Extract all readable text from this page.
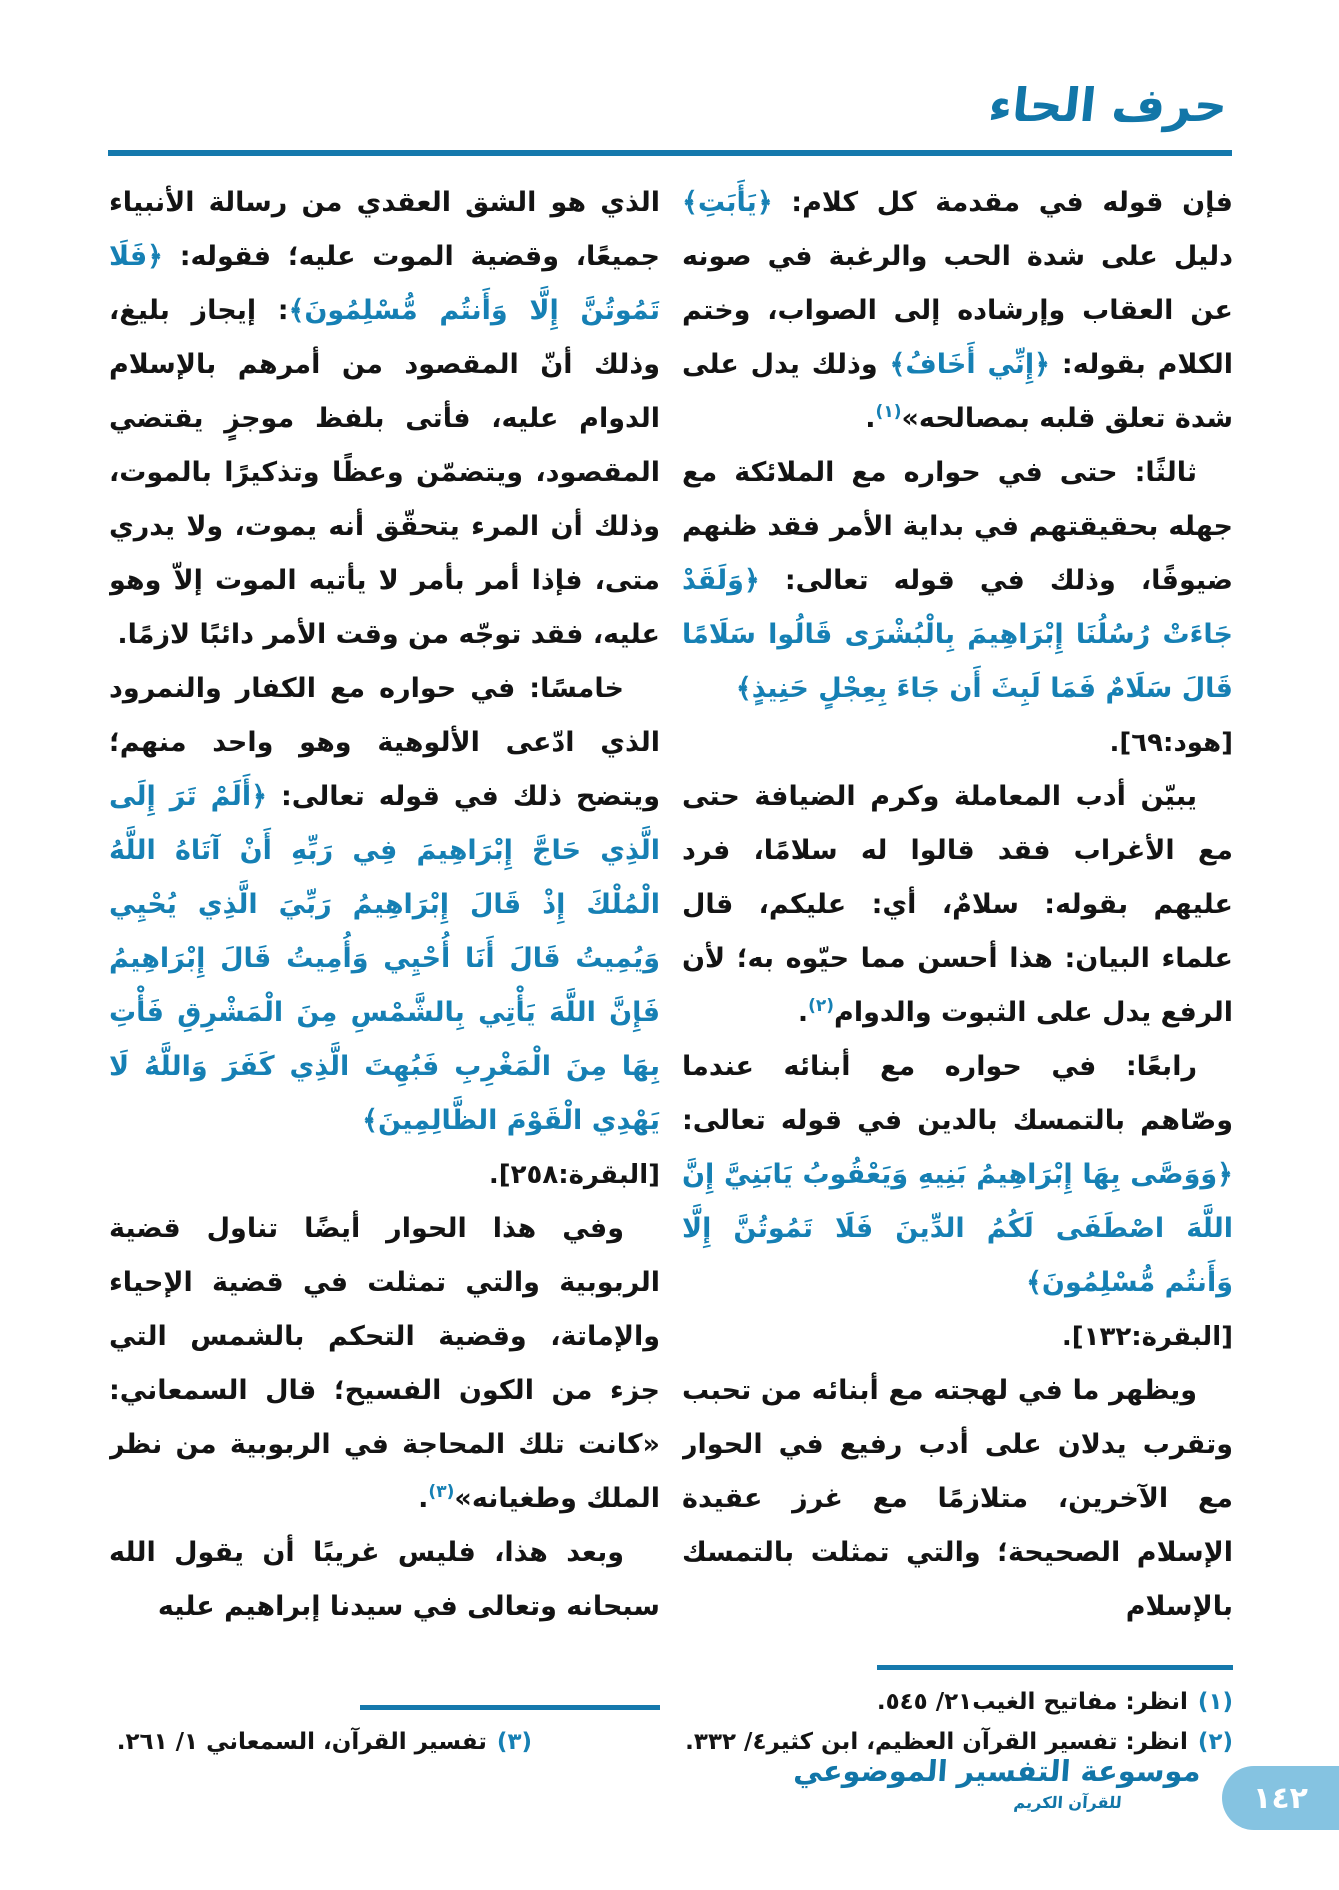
حرف الحاء

فإن قوله في مقدمة كل كلام: ﴿يَأَبَتِ﴾ دليل على شدة الحب والرغبة في صونه عن العقاب وإرشاده إلى الصواب، وختم الكلام بقوله: ﴿إِنِّي أَخَافُ﴾ وذلك يدل على شدة تعلق قلبه بمصالحه»$^{(١)}$.

ثالثًا: حتى في حواره مع الملائكة مع جهله بحقيقتهم في بداية الأمر فقد ظنهم ضيوفًا، وذلك في قوله تعالى: ﴿وَلَقَدْ جَاءَتْ رُسُلُنَا إِبْرَاهِيمَ بِالْبُشْرَى قَالُوا سَلَامًا قَالَ سَلَامٌ فَمَا لَبِثَ أَن جَاءَ بِعِجْلٍ حَنِيذٍ﴾

[هود:٦٩].

يبيّن أدب المعاملة وكرم الضيافة حتى مع الأغراب فقد قالوا له سلامًا، فرد عليهم بقوله: سلامٌ، أي: عليكم، قال علماء البيان: هذا أحسن مما حيّوه به؛ لأن الرفع يدل على الثبوت والدوام$^{(٢)}$.

رابعًا: في حواره مع أبنائه عندما وصّاهم بالتمسك بالدين في قوله تعالى: ﴿وَوَصَّى بِهَا إِبْرَاهِيمُ بَنِيهِ وَيَعْقُوبُ يَابَنِيَّ إِنَّ اللَّهَ اصْطَفَى لَكُمُ الدِّينَ فَلَا تَمُوتُنَّ إِلَّا وَأَنتُم مُّسْلِمُونَ﴾

[البقرة:١٣٢].

ويظهر ما في لهجته مع أبنائه من تحبب وتقرب يدلان على أدب رفيع في الحوار مع الآخرين، متلازمًا مع غرز عقيدة الإسلام الصحيحة؛ والتي تمثلت بالتمسك بالإسلام

(١)
انظر: مفاتيح الغيب٢١/ ٥٤٥.
(٢)
انظر: تفسير القرآن العظيم، ابن كثير٤/ ٣٣٢.

الذي هو الشق العقدي من رسالة الأنبياء جميعًا، وقضية الموت عليه؛ فقوله: ﴿فَلَا تَمُوتُنَّ إِلَّا وَأَنتُم مُّسْلِمُونَ﴾: إيجاز بليغ، وذلك أنّ المقصود من أمرهم بالإسلام الدوام عليه، فأتى بلفظ موجزٍ يقتضي المقصود، ويتضمّن وعظًا وتذكيرًا بالموت، وذلك أن المرء يتحقّق أنه يموت، ولا يدري متى، فإذا أمر بأمر لا يأتيه الموت إلاّ وهو عليه، فقد توجّه من وقت الأمر دائبًا لازمًا.

خامسًا: في حواره مع الكفار والنمرود الذي ادّعى الألوهية وهو واحد منهم؛ ويتضح ذلك في قوله تعالى: ﴿أَلَمْ تَرَ إِلَى الَّذِي حَاجَّ إِبْرَاهِيمَ فِي رَبِّهِ أَنْ آتَاهُ اللَّهُ الْمُلْكَ إِذْ قَالَ إِبْرَاهِيمُ رَبِّيَ الَّذِي يُحْيِي وَيُمِيتُ قَالَ أَنَا أُحْيِي وَأُمِيتُ قَالَ إِبْرَاهِيمُ فَإِنَّ اللَّهَ يَأْتِي بِالشَّمْسِ مِنَ الْمَشْرِقِ فَأْتِ بِهَا مِنَ الْمَغْرِبِ فَبُهِتَ الَّذِي كَفَرَ وَاللَّهُ لَا يَهْدِي الْقَوْمَ الظَّالِمِينَ﴾

[البقرة:٢٥٨].

وفي هذا الحوار أيضًا تناول قضية الربوبية والتي تمثلت في قضية الإحياء والإماتة، وقضية التحكم بالشمس التي جزء من الكون الفسيح؛ قال السمعاني: «كانت تلك المحاجة في الربوبية من نظر الملك وطغيانه»$^{(٣)}$.

وبعد هذا، فليس غريبًا أن يقول الله سبحانه وتعالى في سيدنا إبراهيم عليه

(٣)
تفسير القرآن، السمعاني ١/ ٢٦١.
موسوعة التفسير الموضوعي
للقرآن الكريم	١٤٢
